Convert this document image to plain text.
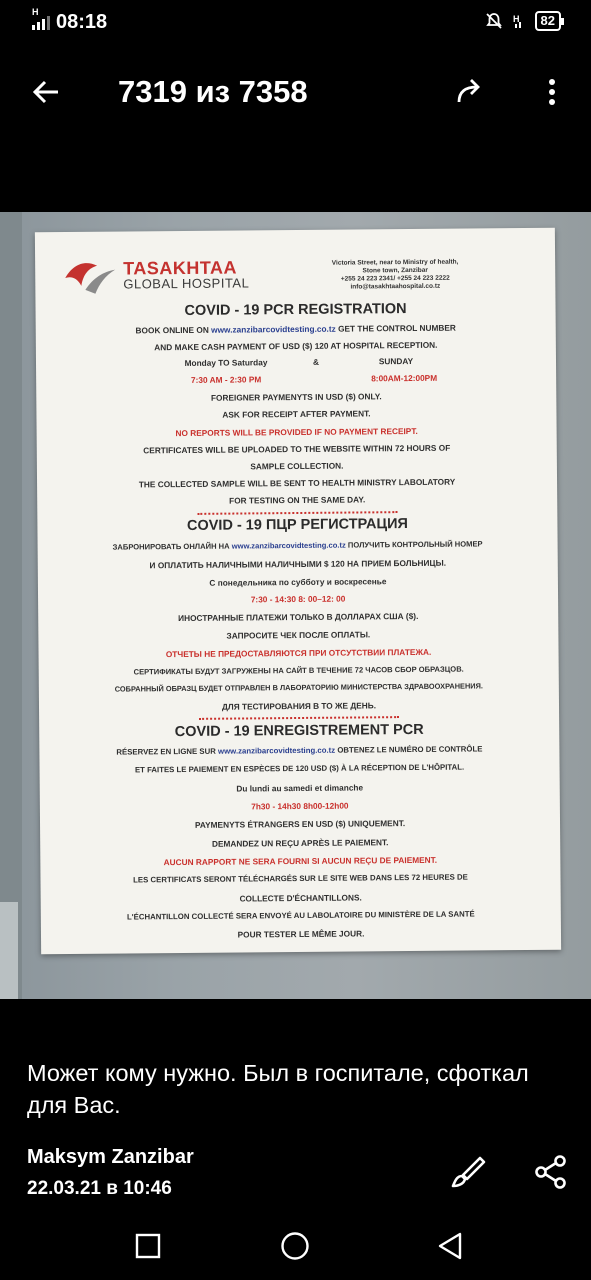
H 08:18	H	82
7319 из 7358
TASAKHTAA
GLOBAL HOSPITAL
Victoria Street, near to Ministry of health,
Stone town, Zanzibar
+255 24 223 2341/ +255 24 223 2222
info@tasakhtaahospital.co.tz
COVID - 19 PCR REGISTRATION
BOOK ONLINE ON www.zanzibarcovidtesting.co.tz GET THE CONTROL NUMBER
AND MAKE CASH PAYMENT OF USD ($) 120 AT HOSPITAL RECEPTION.
Monday TO Saturday	&	SUNDAY
7:30 AM - 2:30 PM	8:00AM-12:00PM
FOREIGNER PAYMENYTS IN USD ($) ONLY.
ASK FOR RECEIPT AFTER PAYMENT.
NO REPORTS WILL BE PROVIDED IF NO PAYMENT RECEIPT.
CERTIFICATES WILL BE UPLOADED TO THE WEBSITE WITHIN 72 HOURS OF
SAMPLE COLLECTION.
THE COLLECTED SAMPLE WILL BE SENT TO HEALTH MINISTRY LABOLATORY
FOR TESTING ON THE SAME DAY.
COVID - 19 ПЦР РЕГИСТРАЦИЯ
ЗАБРОНИРОВАТЬ ОНЛАЙН НА www.zanzibarcovidtesting.co.tz ПОЛУЧИТЬ КОНТРОЛЬНЫЙ НОМЕР
И ОПЛАТИТЬ НАЛИЧНЫМИ НАЛИЧНЫМИ $ 120 НА ПРИЕМ БОЛЬНИЦЫ.
С понедельника по субботу и воскресенье
7:30 - 14:30 8: 00–12: 00
ИНОСТРАННЫЕ ПЛАТЕЖИ ТОЛЬКО В ДОЛЛАРАХ США ($).
ЗАПРОСИТЕ ЧЕК ПОСЛЕ ОПЛАТЫ.
ОТЧЕТЫ НЕ ПРЕДОСТАВЛЯЮТСЯ ПРИ ОТСУТСТВИИ ПЛАТЕЖА.
СЕРТИФИКАТЫ БУДУТ ЗАГРУЖЕНЫ НА САЙТ В ТЕЧЕНИЕ 72 ЧАСОВ СБОР ОБРАЗЦОВ.
СОБРАННЫЙ ОБРАЗЦ БУДЕТ ОТПРАВЛЕН В ЛАБОРАТОРИЮ МИНИСТЕРСТВА ЗДРАВООХРАНЕНИЯ.
ДЛЯ ТЕСТИРОВАНИЯ В ТО ЖЕ ДЕНЬ.
COVID - 19 ENREGISTREMENT PCR
RÉSERVEZ EN LIGNE SUR www.zanzibarcovidtesting.co.tz OBTENEZ LE NUMÉRO DE CONTRÔLE
ET FAITES LE PAIEMENT EN ESPÈCES DE 120 USD ($) À LA RÉCEPTION DE L'HÔPITAL.
Du lundi au samedi et dimanche
7h30 - 14h30 8h00-12h00
PAYMENYTS ÉTRANGERS EN USD ($) UNIQUEMENT.
DEMANDEZ UN REÇU APRÈS LE PAIEMENT.
AUCUN RAPPORT NE SERA FOURNI SI AUCUN REÇU DE PAIEMENT.
LES CERTIFICATS SERONT TÉLÉCHARGÉS SUR LE SITE WEB DANS LES 72 HEURES DE
COLLECTE D'ÉCHANTILLONS.
L'ÉCHANTILLON COLLECTÉ SERA ENVOYÉ AU LABOLATOIRE DU MINISTÈRE DE LA SANTÉ
POUR TESTER LE MÊME JOUR.
Может кому нужно. Был в госпитале, сфоткал для Вас.
Maksym Zanzibar
22.03.21 в 10:46
